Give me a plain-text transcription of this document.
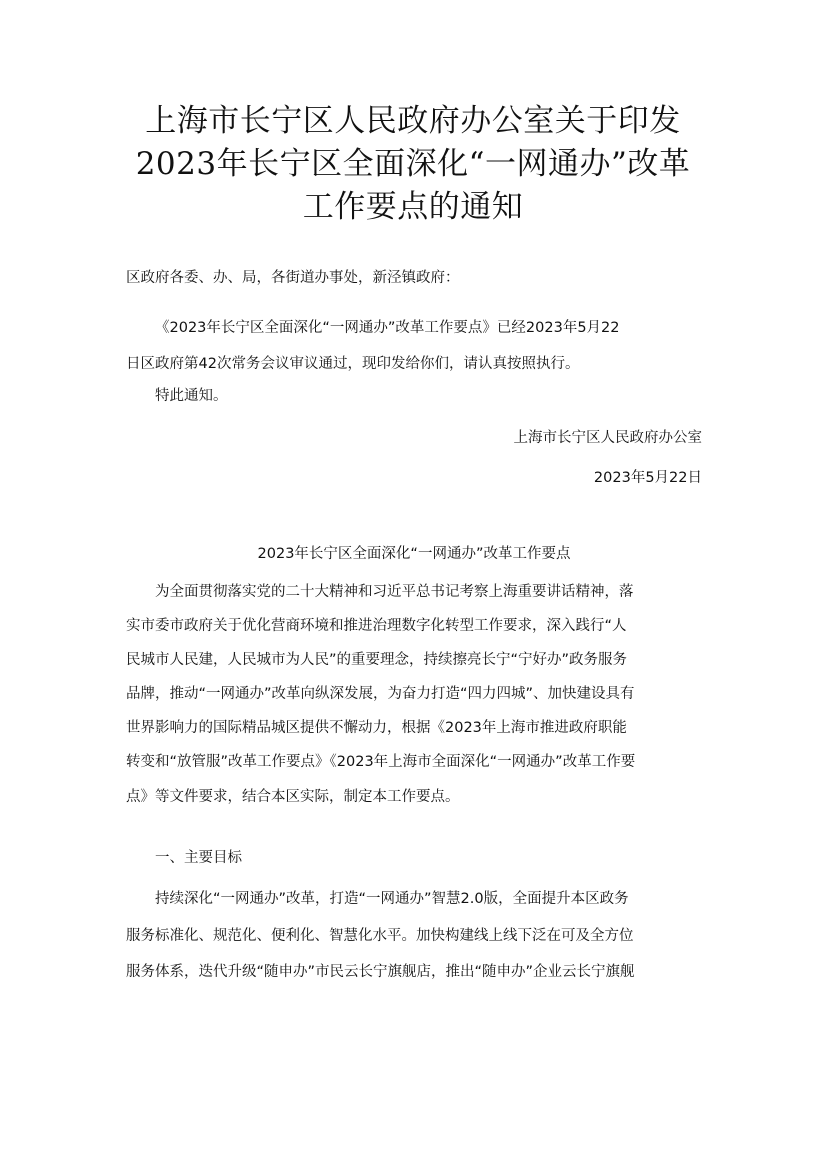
上海市长宁区人民政府办公室关于印发
2023年长宁区全面深化“一网通办”改革
工作要点的通知

区政府各委、办、局，各街道办事处，新泾镇政府：

《2023年长宁区全面深化“一网通办”改革工作要点》已经2023年5月22
日区政府第42次常务会议审议通过，现印发给你们，请认真按照执行。

特此通知。

上海市长宁区人民政府办公室

2023年5月22日

2023年长宁区全面深化“一网通办”改革工作要点

为全面贯彻落实党的二十大精神和习近平总书记考察上海重要讲话精神，落
实市委市政府关于优化营商环境和推进治理数字化转型工作要求，深入践行“人
民城市人民建，人民城市为人民”的重要理念，持续擦亮长宁“宁好办”政务服务
品牌，推动“一网通办”改革向纵深发展，为奋力打造“四力四城”、加快建设具有
世界影响力的国际精品城区提供不懈动力，根据《2023年上海市推进政府职能
转变和“放管服”改革工作要点》《2023年上海市全面深化“一网通办”改革工作要
点》等文件要求，结合本区实际，制定本工作要点。

一、主要目标

持续深化“一网通办”改革，打造“一网通办”智慧2.0版，全面提升本区政务
服务标准化、规范化、便利化、智慧化水平。加快构建线上线下泛在可及全方位
服务体系，迭代升级“随申办”市民云长宁旗舰店，推出“随申办”企业云长宁旗舰
